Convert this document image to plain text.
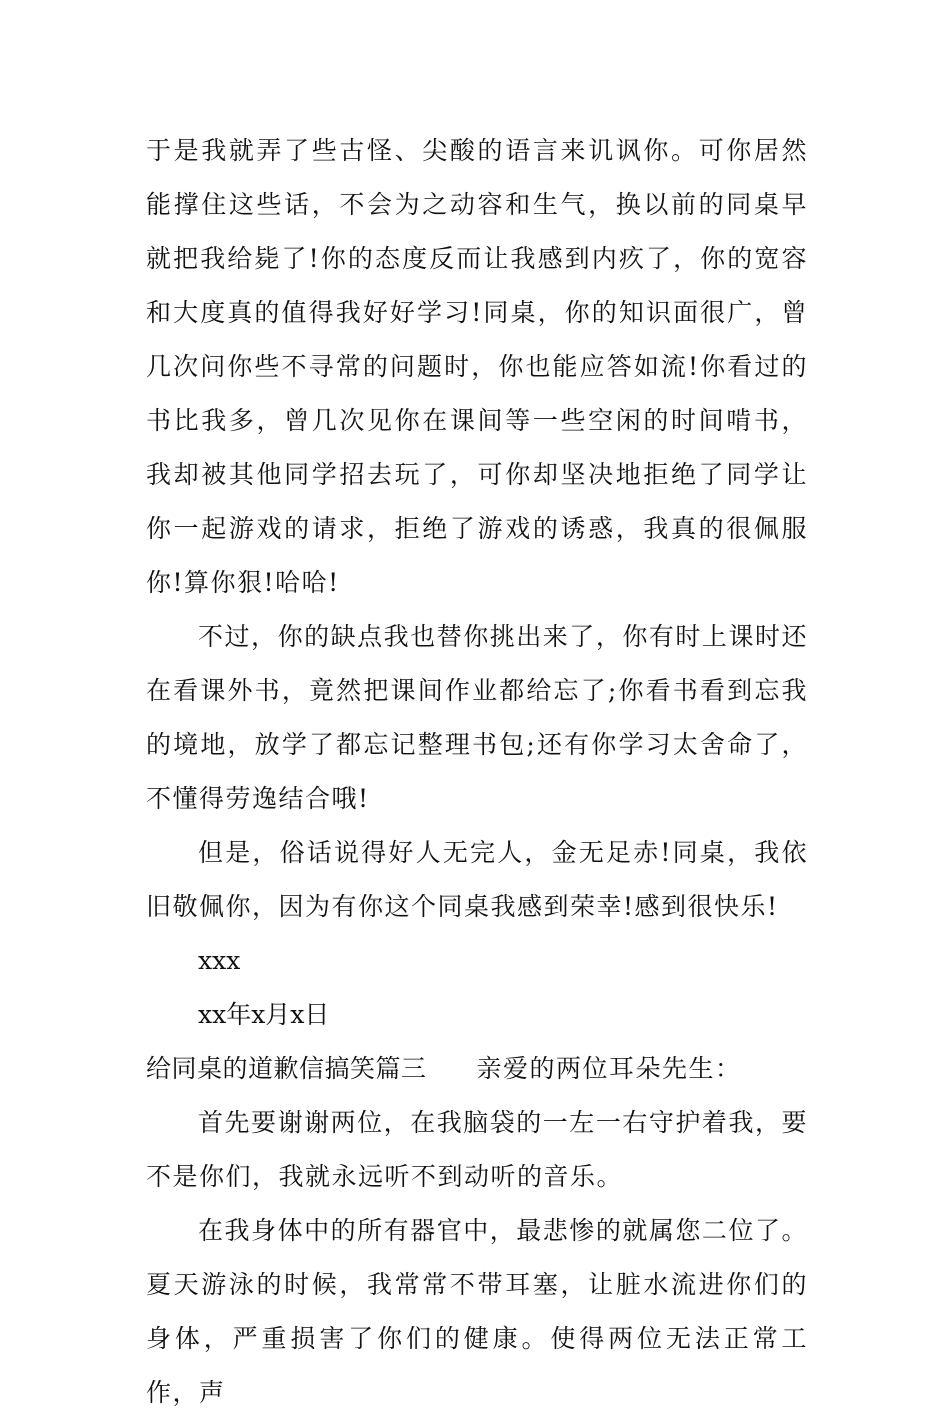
于是我就弄了些古怪、尖酸的语言来讥讽你。可你居然能撑住这些话，不会为之动容和生气，换以前的同桌早就把我给毙了!你的态度反而让我感到内疚了，你的宽容和大度真的值得我好好学习!同桌，你的知识面很广，曾几次问你些不寻常的问题时，你也能应答如流!你看过的书比我多，曾几次见你在课间等一些空闲的时间啃书，我却被其他同学招去玩了，可你却坚决地拒绝了同学让你一起游戏的请求，拒绝了游戏的诱惑，我真的很佩服你!算你狠!哈哈!

不过，你的缺点我也替你挑出来了，你有时上课时还在看课外书，竟然把课间作业都给忘了;你看书看到忘我的境地，放学了都忘记整理书包;还有你学习太舍命了，不懂得劳逸结合哦!

但是，俗话说得好人无完人，金无足赤!同桌，我依旧敬佩你，因为有你这个同桌我感到荣幸!感到很快乐!

xxx

xx年x月x日

给同桌的道歉信搞笑篇三 亲爱的两位耳朵先生：

首先要谢谢两位，在我脑袋的一左一右守护着我，要不是你们，我就永远听不到动听的音乐。

在我身体中的所有器官中，最悲惨的就属您二位了。夏天游泳的时候，我常常不带耳塞，让脏水流进你们的身体，严重损害了你们的健康。使得两位无法正常工作，声
